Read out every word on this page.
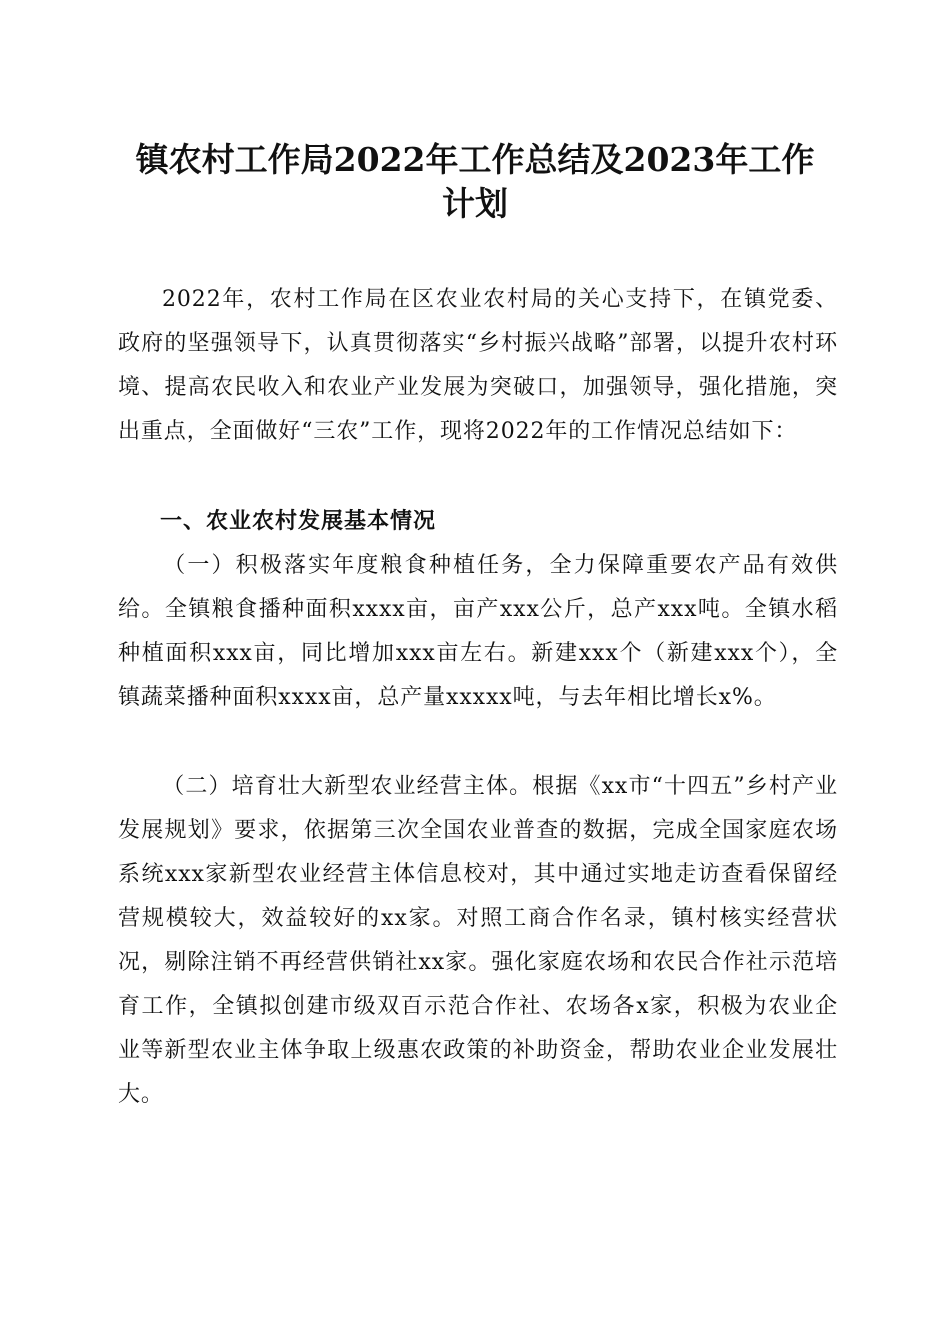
镇农村工作局2022年工作总结及2023年工作
计划
2022年，农村工作局在区农业农村局的关心支持下，在镇党委、政府的坚强领导下，认真贯彻落实“乡村振兴战略”部署，以提升农村环境、提高农民收入和农业产业发展为突破口，加强领导，强化措施，突出重点，全面做好“三农”工作，现将2022年的工作情况总结如下：
一、农业农村发展基本情况
（一）积极落实年度粮食种植任务，全力保障重要农产品有效供给。全镇粮食播种面积xxxx亩，亩产xxx公斤，总产xxx吨。全镇水稻种植面积xxx亩，同比增加xxx亩左右。新建xxx个（新建xxx个），全镇蔬菜播种面积xxxx亩，总产量xxxxx吨，与去年相比增长x%。
（二）培育壮大新型农业经营主体。根据《xx市“十四五”乡村产业发展规划》要求，依据第三次全国农业普查的数据，完成全国家庭农场系统xxx家新型农业经营主体信息校对，其中通过实地走访查看保留经营规模较大，效益较好的xx家。对照工商合作名录，镇村核实经营状况，剔除注销不再经营供销社xx家。强化家庭农场和农民合作社示范培育工作，全镇拟创建市级双百示范合作社、农场各x家，积极为农业企业等新型农业主体争取上级惠农政策的补助资金，帮助农业企业发展壮大。
